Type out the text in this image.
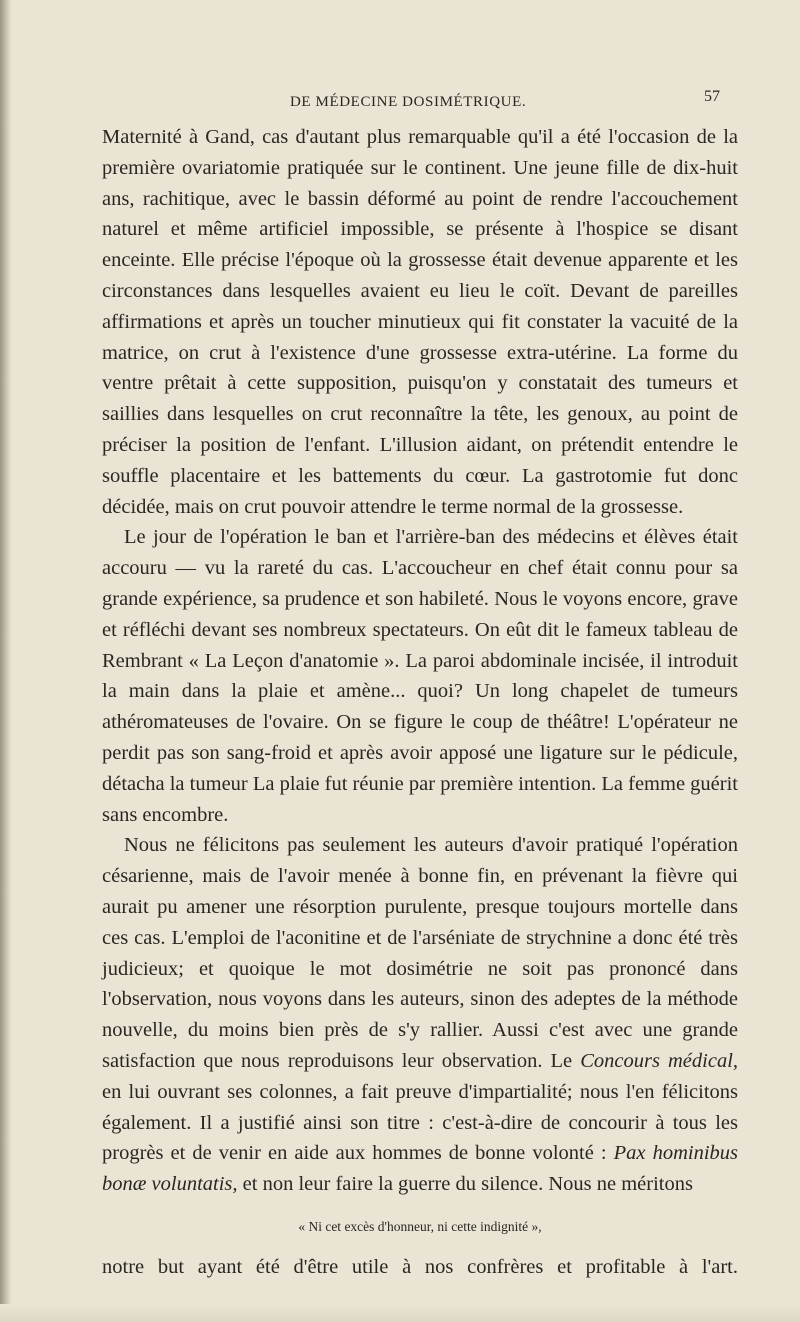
DE MÉDECINE DOSIMÉTRIQUE.	57

Maternité à Gand, cas d'autant plus remarquable qu'il a été l'occasion de la première ovariatomie pratiquée sur le continent. Une jeune fille de dix-huit ans, rachitique, avec le bassin déformé au point de rendre l'accouchement naturel et même artificiel impossible, se présente à l'hospice se disant enceinte. Elle précise l'époque où la grossesse était devenue apparente et les circonstances dans lesquelles avaient eu lieu le coït. Devant de pareilles affirmations et après un toucher minutieux qui fit constater la vacuité de la matrice, on crut à l'existence d'une grossesse extra-utérine. La forme du ventre prêtait à cette supposition, puisqu'on y constatait des tumeurs et saillies dans lesquelles on crut reconnaître la tête, les genoux, au point de préciser la position de l'enfant. L'illusion aidant, on prétendit entendre le souffle placentaire et les battements du cœur. La gastrotomie fut donc décidée, mais on crut pouvoir attendre le terme normal de la grossesse.

Le jour de l'opération le ban et l'arrière-ban des médecins et élèves était accouru — vu la rareté du cas. L'accoucheur en chef était connu pour sa grande expérience, sa prudence et son habileté. Nous le voyons encore, grave et réfléchi devant ses nombreux spectateurs. On eût dit le fameux tableau de Rembrant « La Leçon d'anatomie ». La paroi abdominale incisée, il introduit la main dans la plaie et amène... quoi? Un long chapelet de tumeurs athéromateuses de l'ovaire. On se figure le coup de théâtre! L'opérateur ne perdit pas son sang-froid et après avoir apposé une ligature sur le pédicule, détacha la tumeur La plaie fut réunie par première intention. La femme guérit sans encombre.

Nous ne félicitons pas seulement les auteurs d'avoir pratiqué l'opération césarienne, mais de l'avoir menée à bonne fin, en prévenant la fièvre qui aurait pu amener une résorption purulente, presque toujours mortelle dans ces cas. L'emploi de l'aconitine et de l'arséniate de strychnine a donc été très judicieux; et quoique le mot dosimétrie ne soit pas prononcé dans l'observation, nous voyons dans les auteurs, sinon des adeptes de la méthode nouvelle, du moins bien près de s'y rallier. Aussi c'est avec une grande satisfaction que nous reproduisons leur observation. Le Concours médical, en lui ouvrant ses colonnes, a fait preuve d'impartialité; nous l'en félicitons également. Il a justifié ainsi son titre : c'est-à-dire de concourir à tous les progrès et de venir en aide aux hommes de bonne volonté : Pax hominibus bonæ voluntatis, et non leur faire la guerre du silence. Nous ne méritons

« Ni cet excès d'honneur, ni cette indignité »,

notre but ayant été d'être utile à nos confrères et profitable à l'art.
